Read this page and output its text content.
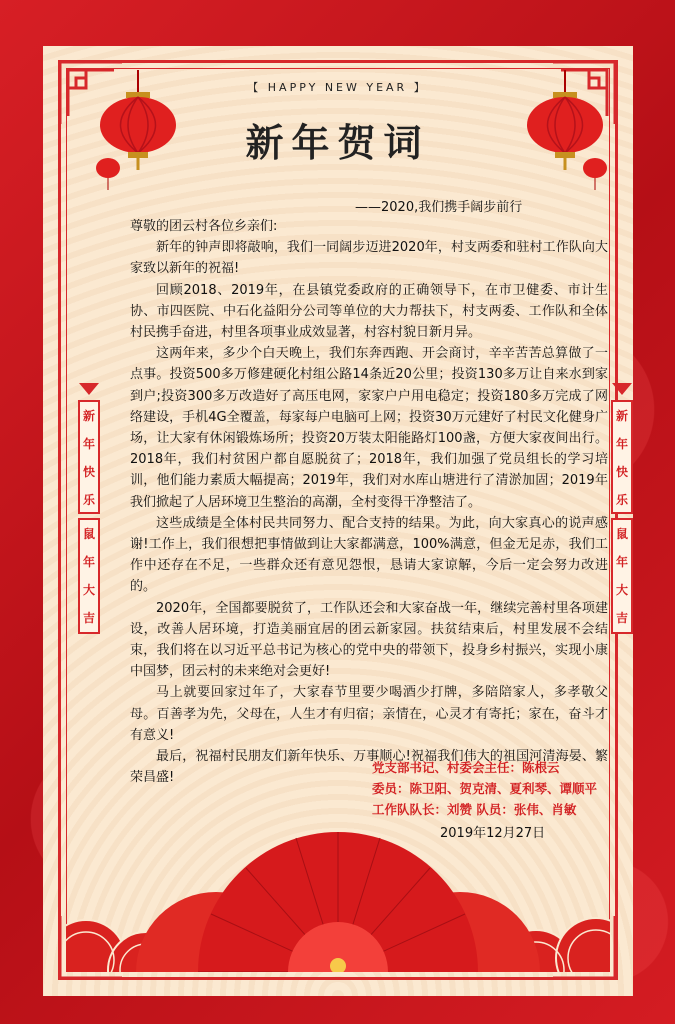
【 HAPPY NEW YEAR 】
新年贺词
——2020,我们携手阔步前行

尊敬的团云村各位乡亲们:

新年的钟声即将敲响，我们一同阔步迈进2020年，村支两委和驻村工作队向大家致以新年的祝福!

回顾2018、2019年，在县镇党委政府的正确领导下，在市卫健委、市计生协、市四医院、中石化益阳分公司等单位的大力帮扶下，村支两委、工作队和全体村民携手奋进，村里各项事业成效显著，村容村貌日新月异。

这两年来，多少个白天晚上，我们东奔西跑、开会商讨，辛辛苦苦总算做了一点事。投资500多万修建硬化村组公路14条近20公里；投资130多万让自来水到家到户;投资300多万改造好了高压电网，家家户户用电稳定；投资180多万完成了网络建设，手机4G全覆盖，每家每户电脑可上网；投资30万元建好了村民文化健身广场，让大家有休闲锻炼场所；投资20万装太阳能路灯100盏，方便大家夜间出行。2018年，我们村贫困户都自愿脱贫了；2018年，我们加强了党员组长的学习培训，他们能力素质大幅提高；2019年，我们对水库山塘进行了清淤加固；2019年我们掀起了人居环境卫生整治的高潮，全村变得干净整洁了。

这些成绩是全体村民共同努力、配合支持的结果。为此，向大家真心的说声感谢!工作上，我们很想把事情做到让大家都满意，100%满意，但金无足赤，我们工作中还存在不足，一些群众还有意见怨恨，恳请大家谅解，今后一定会努力改进的。

2020年，全国都要脱贫了，工作队还会和大家奋战一年，继续完善村里各项建设，改善人居环境，打造美丽宜居的团云新家园。扶贫结束后，村里发展不会结束，我们将在以习近平总书记为核心的党中央的带领下，投身乡村振兴，实现小康中国梦，团云村的未来绝对会更好!

马上就要回家过年了，大家春节里要少喝酒少打牌，多陪陪家人，多孝敬父母。百善孝为先，父母在，人生才有归宿；亲情在，心灵才有寄托；家在，奋斗才有意义!

最后，祝福村民朋友们新年快乐、万事顺心!祝福我们伟大的祖国河清海晏、繁荣昌盛!

党支部书记、村委会主任：陈根云
委员：陈卫阳、贺克清、夏利琴、谭顺平
工作队队长：刘赞 队员：张伟、肖敏
2019年12月27日
新
年
快
乐
鼠
年
大
吉
新
年
快
乐
鼠
年
大
吉
